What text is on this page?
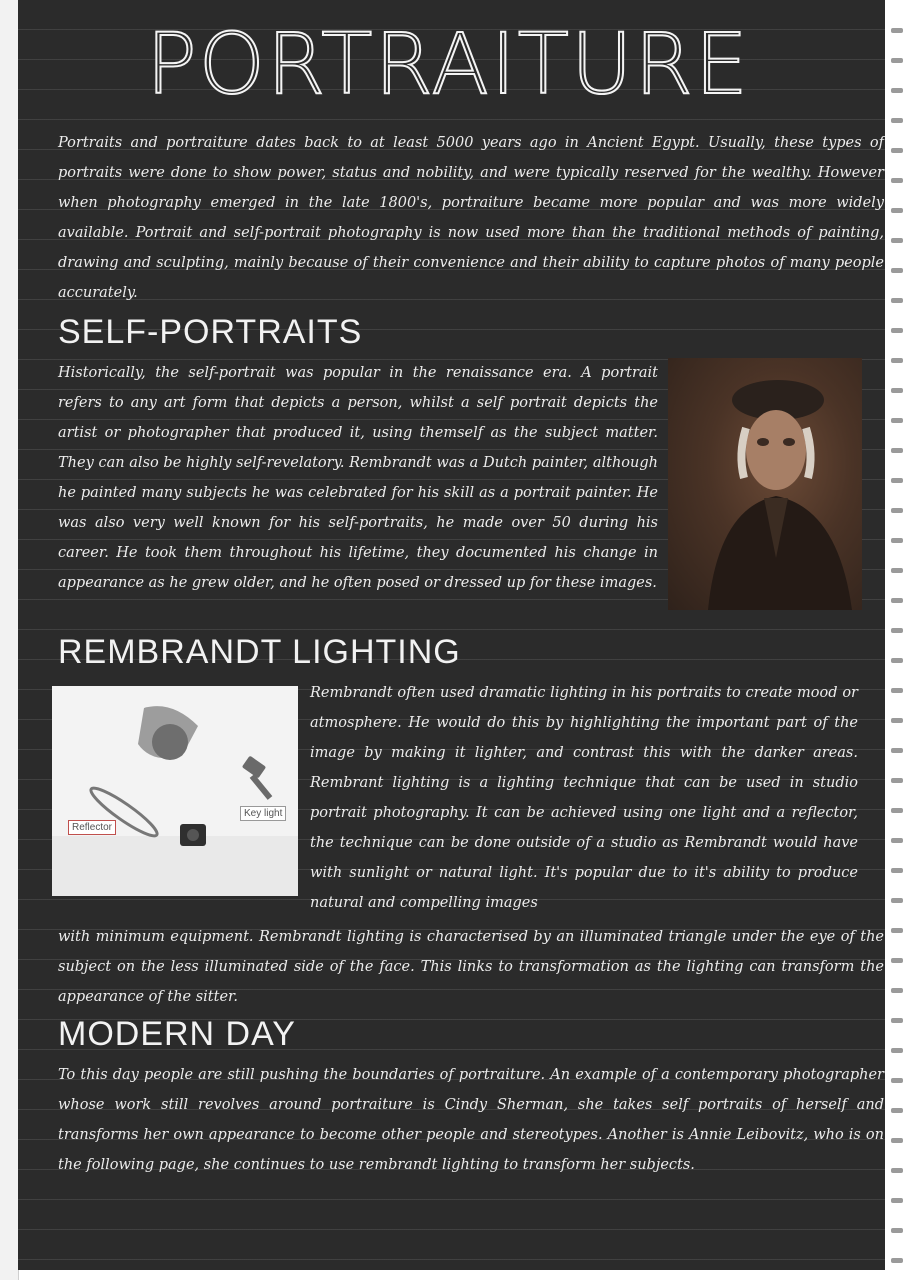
PORTRAITURE

Portraits and portraiture dates back to at least 5000 years ago in Ancient Egypt. Usually, these types of portraits were done to show power, status and nobility, and were typically reserved for the wealthy. However when photography emerged in the late 1800's, portraiture became more popular and was more widely available. Portrait and self-portrait photography is now used more than the traditional methods of painting, drawing and sculpting, mainly because of their convenience and their ability to capture photos of many people accurately.

SELF-PORTRAITS

Historically, the self-portrait was popular in the renaissance era. A portrait refers to any art form that depicts a person, whilst a self portrait depicts the artist or photographer that produced it, using themself as the subject matter. They can also be highly self-revelatory. Rembrandt was a Dutch painter, although he painted many subjects he was celebrated for his skill as a portrait painter. He was also very well known for his self-portraits, he made over 50 during his career. He took them throughout his lifetime, they documented his change in appearance as he grew older, and he often posed or dressed up for these images.

REMBRANDT LIGHTING
Reflector
Key light

Rembrandt often used dramatic lighting in his portraits to create mood or atmosphere. He would do this by highlighting the important part of the image by making it lighter, and contrast this with the darker areas. Rembrant lighting is a lighting technique that can be used in studio portrait photography. It can be achieved using one light and a reflector, the technique can be done outside of a studio as Rembrandt would have with sunlight or natural light. It's popular due to it's ability to produce natural and compelling images

with minimum equipment. Rembrandt lighting is characterised by an illuminated triangle under the eye of the subject on the less illuminated side of the face. This links to transformation as the lighting can transform the appearance of the sitter.

MODERN DAY

To this day people are still pushing the boundaries of portraiture. An example of a contemporary photographer whose work still revolves around portraiture is Cindy Sherman, she takes self portraits of herself and transforms her own appearance to become other people and stereotypes. Another is Annie Leibovitz, who is on the following page, she continues to use rembrandt lighting to transform her subjects.
